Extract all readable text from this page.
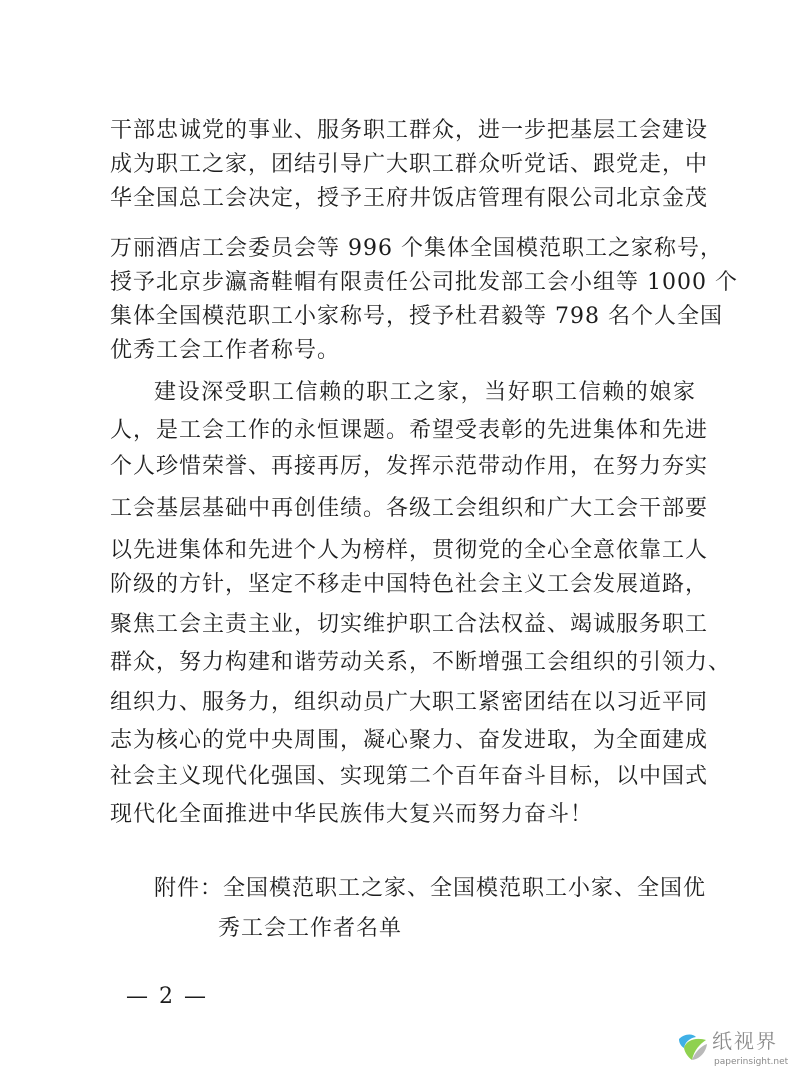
干部忠诚党的事业、服务职工群众，进一步把基层工会建设
成为职工之家，团结引导广大职工群众听党话、跟党走，中
华全国总工会决定，授予王府井饭店管理有限公司北京金茂
万丽酒店工会委员会等 996 个集体全国模范职工之家称号，
授予北京步瀛斋鞋帽有限责任公司批发部工会小组等 1000 个
集体全国模范职工小家称号，授予杜君毅等 798 名个人全国
优秀工会工作者称号。
建设深受职工信赖的职工之家，当好职工信赖的娘家
人，是工会工作的永恒课题。希望受表彰的先进集体和先进
个人珍惜荣誉、再接再厉，发挥示范带动作用，在努力夯实
工会基层基础中再创佳绩。各级工会组织和广大工会干部要
以先进集体和先进个人为榜样，贯彻党的全心全意依靠工人
阶级的方针，坚定不移走中国特色社会主义工会发展道路，
聚焦工会主责主业，切实维护职工合法权益、竭诚服务职工
群众，努力构建和谐劳动关系，不断增强工会组织的引领力、
组织力、服务力，组织动员广大职工紧密团结在以习近平同
志为核心的党中央周围，凝心聚力、奋发进取，为全面建成
社会主义现代化强国、实现第二个百年奋斗目标，以中国式
现代化全面推进中华民族伟大复兴而努力奋斗！
附件：全国模范职工之家、全国模范职工小家、全国优
秀工会工作者名单
— 2 —
纸视界
paperinsight.net
